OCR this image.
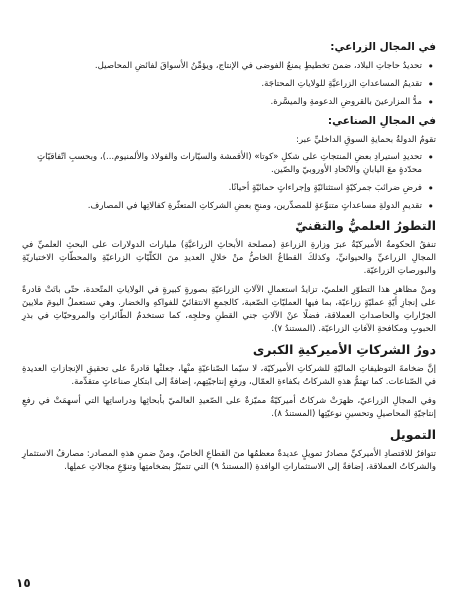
في المجال الزراعي:
• تحديدُ حاجاتِ البلاد، ضمنَ تخطيطٍ يمنعُ الفوضى في الإنتاج، ويؤمِّنُ الأسواقَ لفائضِ المحاصيل.
• تقديمُ المساعداتِ الزراعيَّةِ للولاياتِ المحتاجَة.
• مدُّ المزارعينَ بالقروضِ الدعومةِ والميسَّرة.
في المجالِ الصناعي:

تقومُ الدولةُ بحمايةِ السوقِ الداخليِّ عبر:

• تحديدِ استيرادِ بعضِ المنتجاتِ على شكلِ «كوتا» (الأقمشة والسيّارات والفولاذ والألمنيوم...)، وبحسبِ اتّفاقيّاتٍ محدّدةٍ معَ اليابانِ والاتّحادِ الأوروبيّ والصّين.
• فرضِ ضرائبَ جمركيّةٍ استثنائيّةٍ وإجراءاتٍ حمائيّةٍ أحيانًا.
• تقديمِ الدولةِ مساعداتٍ متنوِّعةٍ للمصدِّرين، ومنحِ بعضِ الشركاتِ المتعثّرةِ كفالاتِها في المصارف.
التطورُ العلميُّ والتقنيّ

تنفقُ الحكومةُ الأميركيّةُ عبرَ وزارةِ الزراعةِ (مصلحة الأبحاثِ الزراعيَّةِ) مليارات الدولارات على البحثِ العلميِّ في المجالِ الزراعيِّ والحيوانيِّ، وكذلكَ القطاعُ الخاصُّ منْ خلالِ العديدِ منَ الكلّيّاتِ الزراعيّةِ والمحطّاتِ الاختباريّةِ والبورصاتِ الزراعيّة.

ومنْ مظاهرِ هذا التطوّرِ العلميّ، تزايدُ استعمالِ الآلاتِ الزراعيّةِ بصورةٍ كبيرةٍ في الولاياتِ المتّحدة، حتّى باتَتْ قادرةً على إنجازِ أيّةِ عمليّةٍ زراعيّة، بما فيها العمليّاتِ الصّعبة، كالجمعِ الانتقائيّ للفواكهِ والخضار. وهي تستعملُ اليومَ ملايينَ الجرّاراتِ والحاصداتِ العملاقة، فضلًا عنْ الآلاتِ جني القطنِ وحلجِه، كما تستخدمُ الطّائراتِ والمروحيّاتِ في بذرِ الحبوبِ ومكافحةِ الآفاتِ الزراعيّة. (المستندُ ٧).

دورُ الشركاتِ الأميركيةِ الكبرى

إنَّ ضخامةَ التوظيفاتِ الماليّةِ للشركاتِ الأميركيّة، لا سيّما الصّناعيّةِ منْها، جعلتْها قادرةً على تحقيقِ الإنجازاتِ العديدةِ في الصّناعات. كما تهتمُّ هذهِ الشركاتُ بكفاءةِ العمّال، ورفعِ إنتاجيّتِهم، إضافةً إلى ابتكارِ صناعاتٍ متقدِّمة.

وفي المجالِ الزراعيّ، ظهرَتْ شركاتٌ أميركيّةٌ مميّزةٌ على الصّعيدِ العالميّ بأبحاثِها ودراساتِها التي أسهمَتْ في رفعِ إنتاجيّةِ المحاصيلِ وتحسينِ نوعيّتِها (المستندُ ٨).

التمويل

تتوافرُ للاقتصادِ الأميركيِّ مصادرُ تمويلٍ عديدةٌ معظمُها منَ القطاعِ الخاصّ، ومنْ ضمنِ هذهِ المصادر: مصارفُ الاستثمارِ والشركاتُ العملاقة، إضافةً إلى الاستثماراتِ الوافدةِ (المستندُ ٩) التي تتميّزُ بضخامتِها وتنوّعِ مجالاتِ عملِها.

١٥
